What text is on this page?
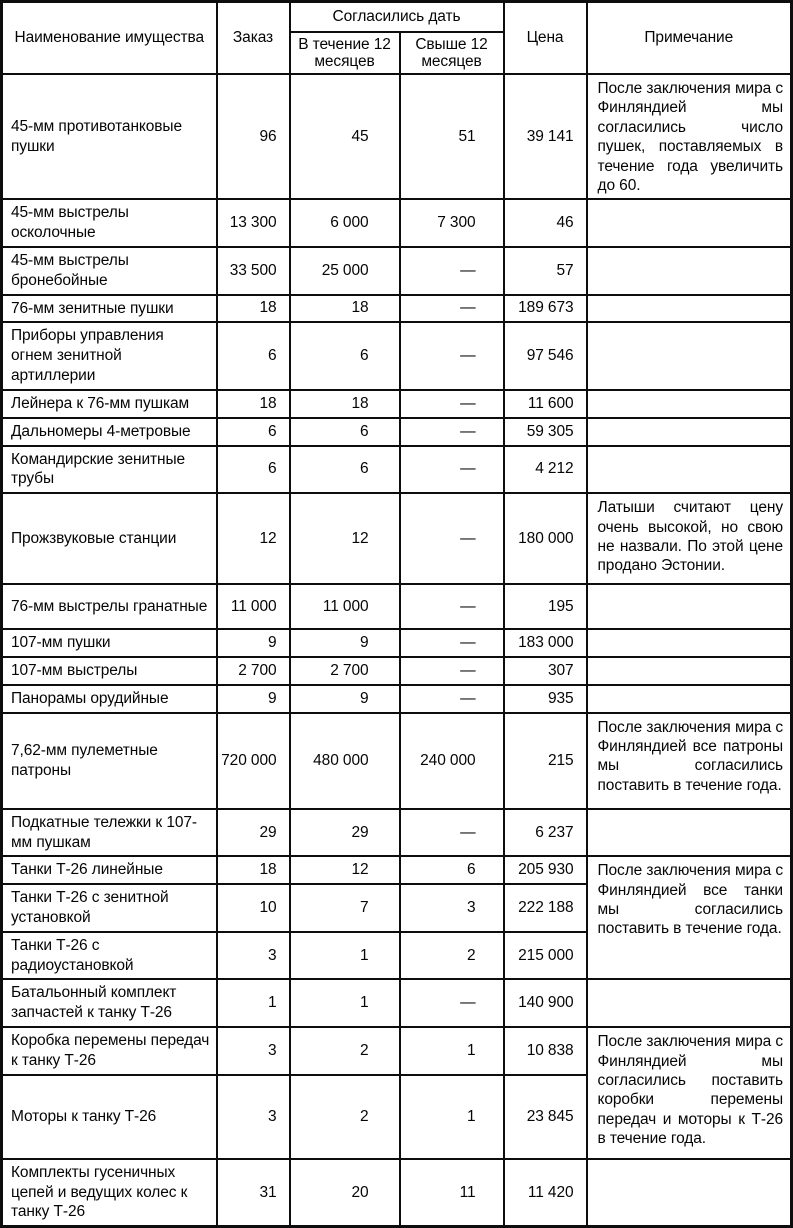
Наименование имущества	Заказ	Согласились дать		Цена	Примечание
		В течение 12 месяцев	Свыше 12 месяцев		
45-мм противотанковые пушки	96	45	51	39 141	После заключения мира с Финляндией мы согласились число пушек, поставляемых в течение года увеличить до 60.
45-мм выстрелы осколочные	13 300	6 000	7 300	46	
45-мм выстрелы бронебойные	33 500	25 000	—	57	
76-мм зенитные пушки	18	18	—	189 673	
Приборы управления огнем зенитной артиллерии	6	6	—	97 546	
Лейнера к 76-мм пушкам	18	18	—	11 600	
Дальномеры 4-метровые	6	6	—	59 305	
Командирские зенитные трубы	6	6	—	4 212	
Прожзвуковые станции	12	12	—	180 000	Латыши считают цену очень высокой, но свою не назвали. По этой цене продано Эстонии.
76-мм выстрелы гранатные	11 000	11 000	—	195	
107-мм пушки	9	9	—	183 000	
107-мм выстрелы	2 700	2 700	—	307	
Панорамы орудийные	9	9	—	935	
7,62-мм пулеметные патроны	720 000	480 000	240 000	215	После заключения мира с Финляндией все патроны мы согласились поставить в течение года.
Подкатные тележки к 107-мм пушкам	29	29	—	6 237	
Танки Т-26 линейные	18	12	6	205 930	После заключения мира с Финляндией все танки мы согласились поставить в течение года.
Танки Т-26 с зенитной установкой	10	7	3	222 188	
Танки Т-26 с радиоустановкой	3	1	2	215 000	
Батальонный комплект запчастей к танку Т-26	1	1	—	140 900	
Коробка перемены передач к танку Т-26	3	2	1	10 838	После заключения мира с Финляндией мы согласились поставить коробки перемены передач и моторы к Т-26 в течение года.
Моторы к танку Т-26	3	2	1	23 845	
Комплекты гусеничных цепей и ведущих колес к танку Т-26	31	20	11	11 420	
